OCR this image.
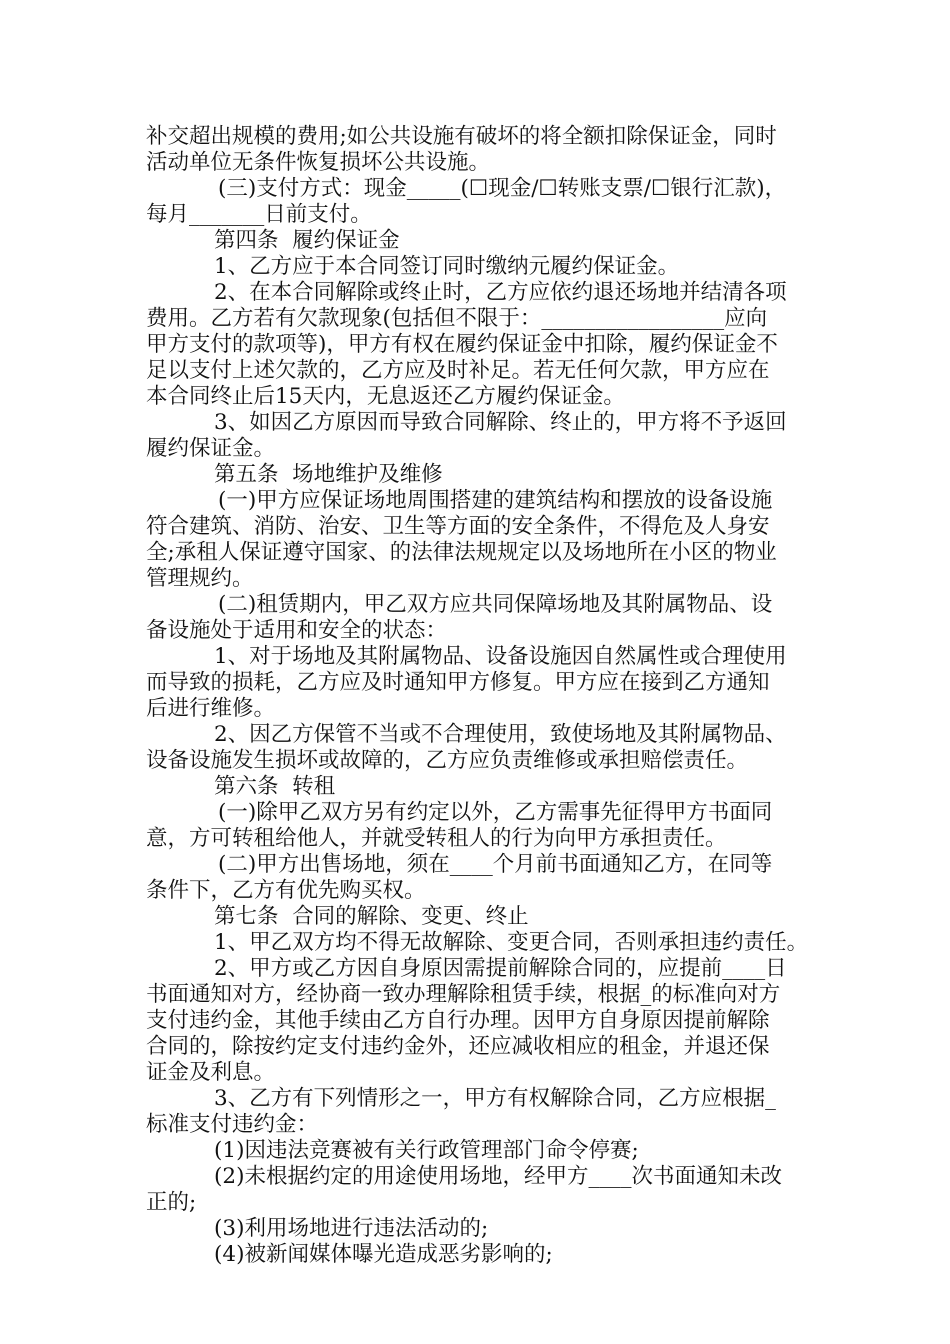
补交超出规模的费用;如公共设施有破坏的将全额扣除保证金，同时
活动单位无条件恢复损坏公共设施。
(三)支付方式：现金_____(☐现金/☐转账支票/☐银行汇款)，
每月_______日前支付。
第四条  履约保证金
1、乙方应于本合同签订同时缴纳元履约保证金。
2、在本合同解除或终止时，乙方应依约退还场地并结清各项
费用。乙方若有欠款现象(包括但不限于：_________________应向
甲方支付的款项等)，甲方有权在履约保证金中扣除，履约保证金不
足以支付上述欠款的，乙方应及时补足。若无任何欠款，甲方应在
本合同终止后15天内，无息返还乙方履约保证金。
3、如因乙方原因而导致合同解除、终止的，甲方将不予返回
履约保证金。
第五条  场地维护及维修
(一)甲方应保证场地周围搭建的建筑结构和摆放的设备设施
符合建筑、消防、治安、卫生等方面的安全条件，不得危及人身安
全;承租人保证遵守国家、的法律法规规定以及场地所在小区的物业
管理规约。
(二)租赁期内，甲乙双方应共同保障场地及其附属物品、设
备设施处于适用和安全的状态：
1、对于场地及其附属物品、设备设施因自然属性或合理使用
而导致的损耗，乙方应及时通知甲方修复。甲方应在接到乙方通知
后进行维修。
2、因乙方保管不当或不合理使用，致使场地及其附属物品、
设备设施发生损坏或故障的，乙方应负责维修或承担赔偿责任。
第六条  转租
(一)除甲乙双方另有约定以外，乙方需事先征得甲方书面同
意，方可转租给他人，并就受转租人的行为向甲方承担责任。
(二)甲方出售场地，须在____个月前书面通知乙方，在同等
条件下，乙方有优先购买权。
第七条  合同的解除、变更、终止
1、甲乙双方均不得无故解除、变更合同，否则承担违约责任。
2、甲方或乙方因自身原因需提前解除合同的，应提前____日
书面通知对方，经协商一致办理解除租赁手续，根据_的标准向对方
支付违约金，其他手续由乙方自行办理。因甲方自身原因提前解除
合同的，除按约定支付违约金外，还应减收相应的租金，并退还保
证金及利息。
3、乙方有下列情形之一，甲方有权解除合同，乙方应根据_
标准支付违约金：
(1)因违法竞赛被有关行政管理部门命令停赛;
(2)未根据约定的用途使用场地，经甲方____次书面通知未改
正的;
(3)利用场地进行违法活动的;
(4)被新闻媒体曝光造成恶劣影响的;
